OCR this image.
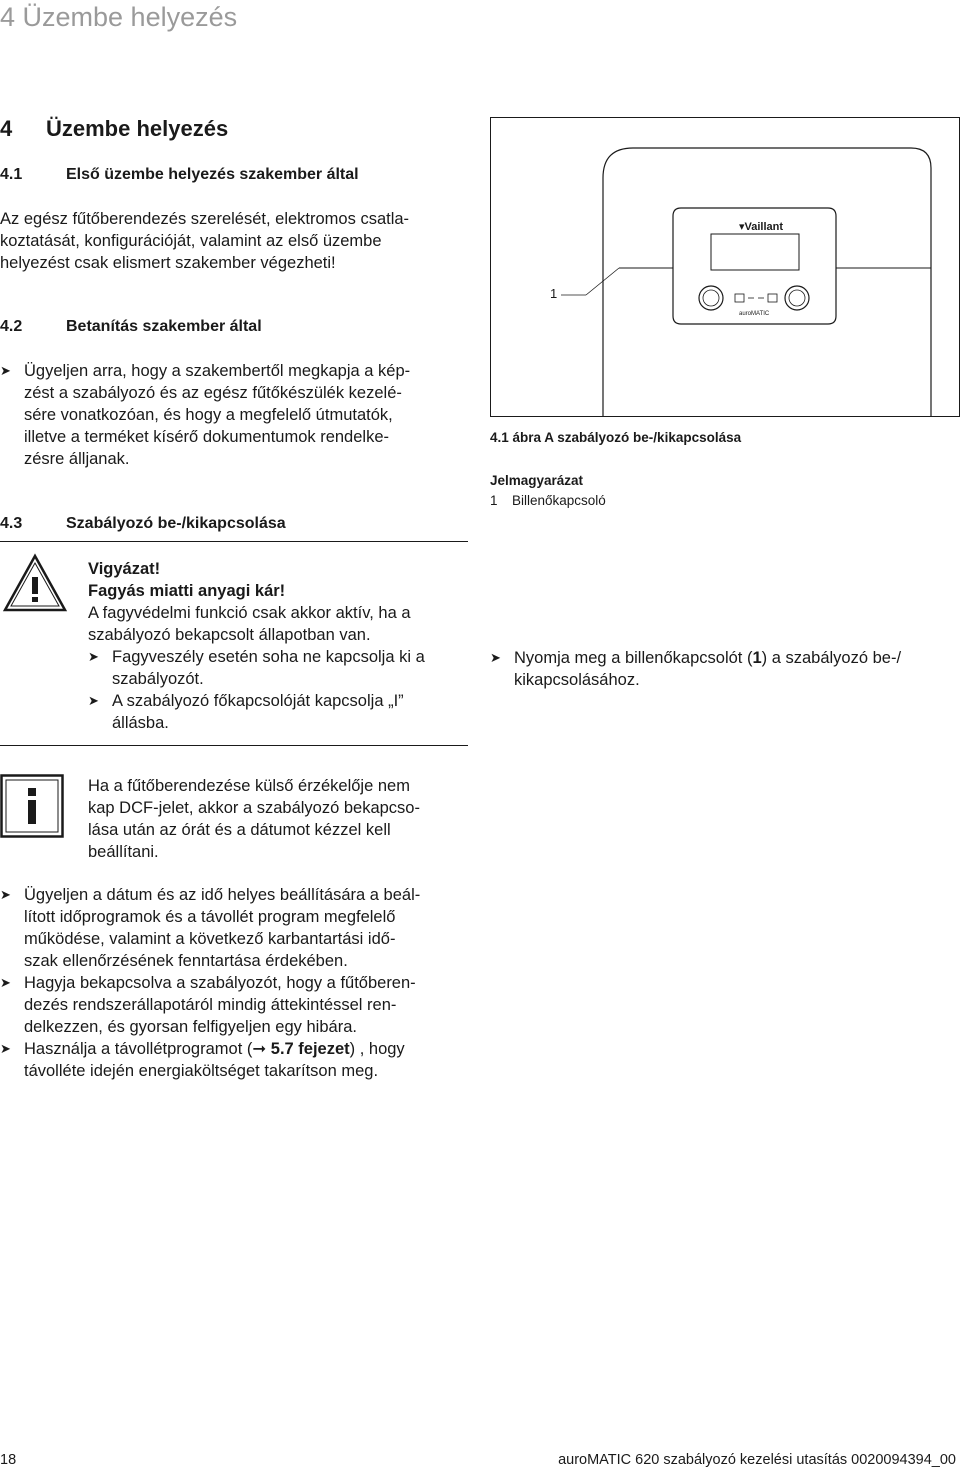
4 Üzembe helyezés
4 Üzembe helyezés
4.1	Első üzembe helyezés szakember által
Az egész fűtőberendezés szerelését, elektromos csatla-
koztatását, konfigurációját, valamint az első üzembe
helyezést csak elismert szakember végezheti!
4.2	Betanítás szakember által
➤ Ügyeljen arra, hogy a szakembertől megkapja a kép-
zést a szabályozó és az egész fűtőkészülék kezelé-
sére vonatkozóan, és hogy a megfelelő útmutatók,
illetve a terméket kísérő dokumentumok rendelke-
zésre álljanak.
4.3	Szabályozó be-/kikapcsolása
Vigyázat!
Fagyás miatti anyagi kár!
A fagyvédelmi funkció csak akkor aktív, ha a
szabályozó bekapcsolt állapotban van.
➤ Fagyveszély esetén soha ne kapcsolja ki a
szabályozót.
➤ A szabályozó főkapcsolóját kapcsolja „I”
állásba.
Ha a fűtőberendezése külső érzékelője nem
kap DCF-jelet, akkor a szabályozó bekapcso-
lása után az órát és a dátumot kézzel kell
beállítani.
➤ Ügyeljen a dátum és az idő helyes beállítására a beál-
lított időprogramok és a távollét program megfelelő
működése, valamint a következő karbantartási idő-
szak ellenőrzésének fenntartása érdekében.
➤ Hagyja bekapcsolva a szabályozót, hogy a fűtőberen-
dezés rendszerállapotáról mindig áttekintéssel ren-
delkezzen, és gyorsan felfigyeljen egy hibára.
➤ Használja a távollétprogramot (➞ 5.7 fejezet) , hogy
távolléte idején energiaköltséget takarítson meg.
▾Vaillant
auroMATIC
1
4.1 ábra A szabályozó be-/kikapcsolása
Jelmagyarázat
1 Billenőkapcsoló
➤ Nyomja meg a billenőkapcsolót (1) a szabályozó be-/
kikapcsolásához.
18	auroMATIC 620 szabályozó kezelési utasítás 0020094394_00
